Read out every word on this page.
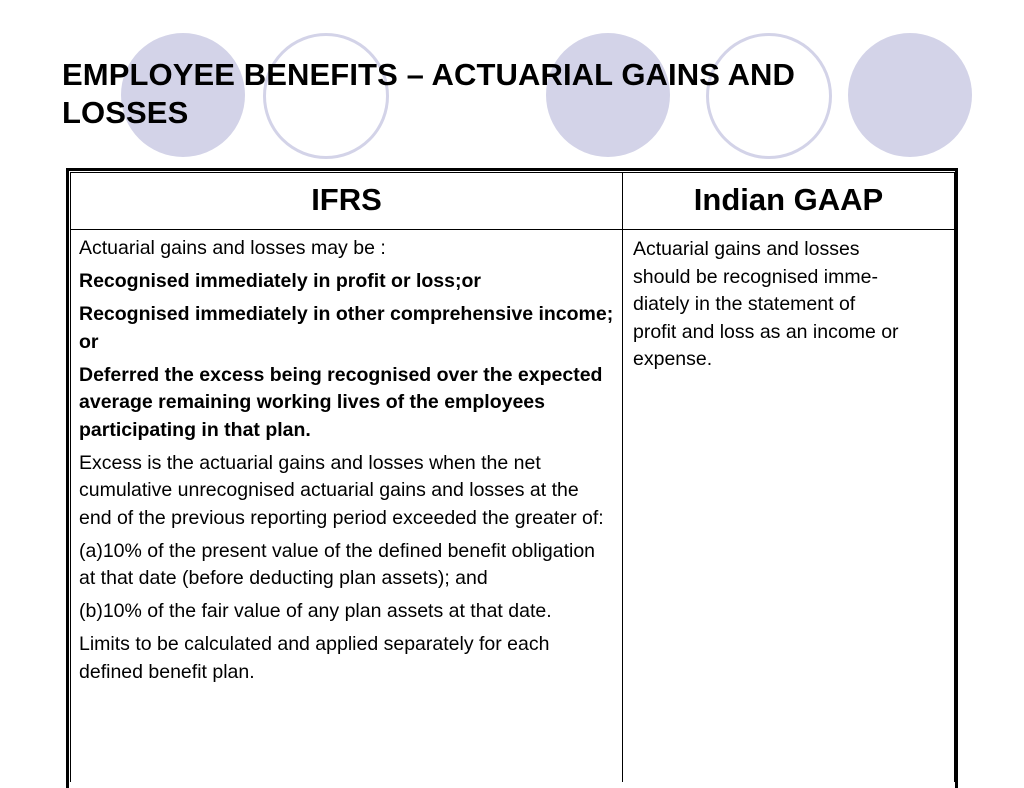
EMPLOYEE BENEFITS – ACTUARIAL GAINS AND
LOSSES
IFRS	Indian GAAP

Actuarial gains and losses may be :

Recognised immediately in profit or loss;or

Recognised immediately in other comprehensive income; or

Deferred the excess being recognised over the expected average remaining working lives of the employees participating in that plan.

Excess is the actuarial gains and losses when the net cumulative unrecognised actuarial gains and losses at the end of the previous reporting period exceeded the greater of:

(a)10% of the present value of the defined benefit obligation at that date (before deducting plan assets); and

(b)10% of the fair value of any plan assets at that date.

Limits to be calculated and applied separately for each defined benefit plan.

Actuarial gains and losses
should be recognised imme-
diately in the statement of
profit and loss as an income or
expense.
